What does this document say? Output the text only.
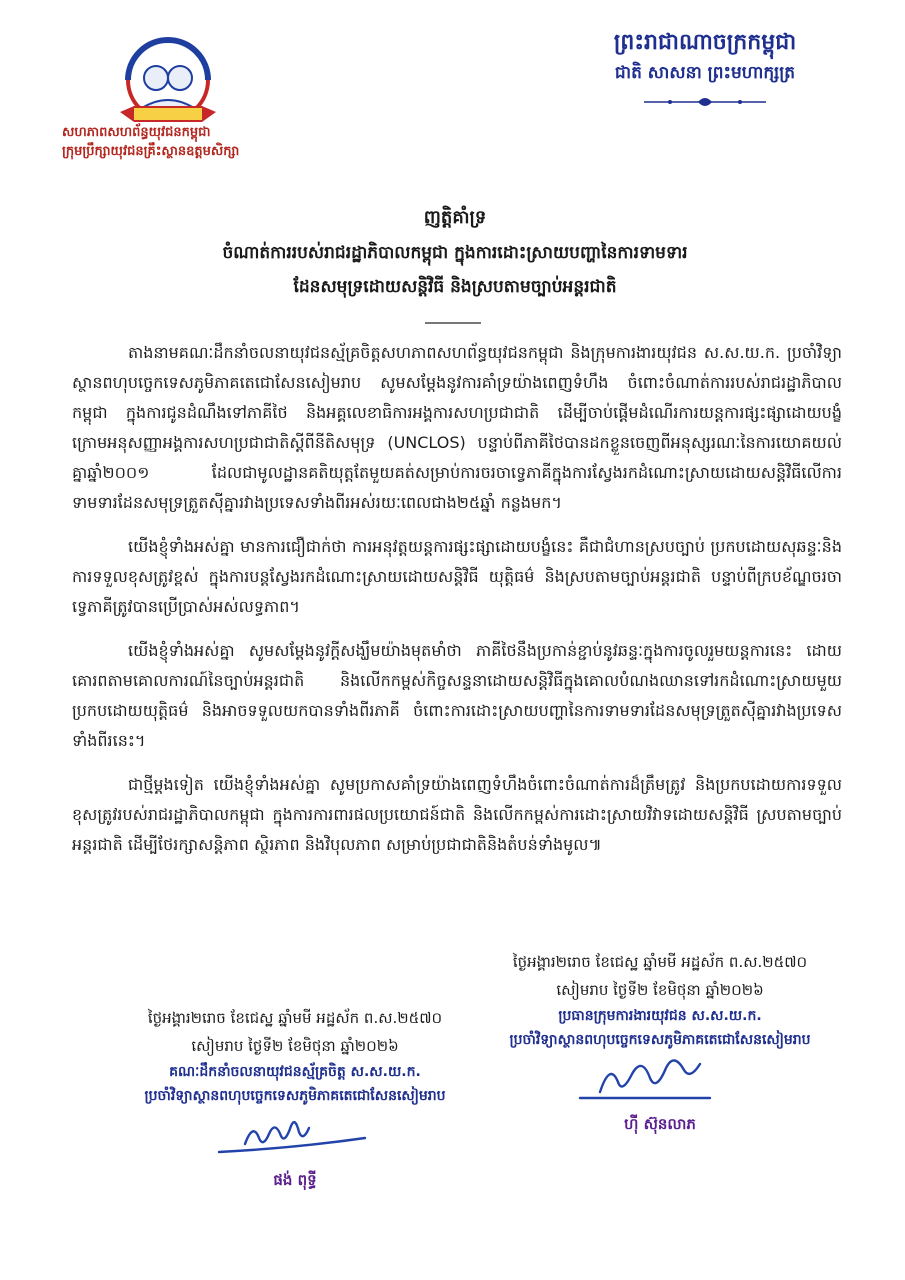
សហភាពសហព័ន្ធយុវជនកម្ពុជា
ក្រុមប្រឹក្សាយុវជនគ្រឹះស្ថានឧត្តមសិក្សា
ព្រះរាជាណាចក្រកម្ពុជា
ជាតិ សាសនា ព្រះមហាក្សត្រ
ញត្តិគាំទ្រ
ចំណាត់ការរបស់រាជរដ្ឋាភិបាលកម្ពុជា ក្នុងការដោះស្រាយបញ្ហានៃការទាមទារ
ដែនសមុទ្រដោយសន្តិវិធី និងស្របតាមច្បាប់អន្តរជាតិ

តាងនាមគណៈដឹកនាំចលនាយុវជនស្ម័គ្រចិត្តសហភាពសហព័ន្ធយុវជនកម្ពុជា និងក្រុមការងារយុវជន ស.ស.យ.ក. ប្រចាំវិទ្យាស្ថានពហុបច្ចេកទេសភូមិភាគតេជោសែនសៀមរាប សូមសម្តែងនូវការគាំទ្រយ៉ាងពេញទំហឹង ចំពោះចំណាត់ការរបស់រាជរដ្ឋាភិបាលកម្ពុជា ក្នុងការជូនដំណឹងទៅភាគីថៃ និងអគ្គលេខាធិការអង្គការសហប្រជាជាតិ ដើម្បីចាប់ផ្តើមដំណើរការយន្តការផ្សះផ្សាដោយបង្ខំ ក្រោមអនុសញ្ញាអង្គការសហប្រជាជាតិស្តីពីនីតិសមុទ្រ (UNCLOS) បន្ទាប់ពីភាគីថៃបានដកខ្លួនចេញពីអនុស្សរណៈនៃការយោគយល់គ្នាឆ្នាំ២០០១ ដែលជាមូលដ្ឋានគតិយុត្តតែមួយគត់សម្រាប់ការចរចាទ្វេភាគីក្នុងការស្វែងរកដំណោះស្រាយដោយសន្តិវិធីលើការទាមទារដែនសមុទ្រត្រួតស៊ីគ្នារវាងប្រទេសទាំងពីរអស់រយៈពេលជាង២៥ឆ្នាំ កន្លងមក។

យើងខ្ញុំទាំងអស់គ្នា មានការជឿជាក់ថា ការអនុវត្តយន្តការផ្សះផ្សាដោយបង្ខំនេះ គឺជាជំហានស្របច្បាប់ ប្រកបដោយសុឆន្ទៈនិងការទទួលខុសត្រូវខ្ពស់ ក្នុងការបន្តស្វែងរកដំណោះស្រាយដោយសន្តិវិធី យុត្តិធម៌ និងស្របតាមច្បាប់អន្តរជាតិ បន្ទាប់ពីក្របខ័ណ្ឌចរចាទ្វេភាគីត្រូវបានប្រើប្រាស់អស់លទ្ធភាព។

យើងខ្ញុំទាំងអស់គ្នា សូមសម្តែងនូវក្តីសង្ឃឹមយ៉ាងមុតមាំថា ភាគីថៃនឹងប្រកាន់ខ្ជាប់នូវឆន្ទៈក្នុងការចូលរួមយន្តការនេះ ដោយគោរពតាមគោលការណ៍នៃច្បាប់អន្តរជាតិ និងលើកកម្ពស់កិច្ចសន្ទនាដោយសន្តិវិធីក្នុងគោលបំណងឈានទៅរកដំណោះស្រាយមួយប្រកបដោយយុត្តិធម៌ និងអាចទទួលយកបានទាំងពីរភាគី ចំពោះការដោះស្រាយបញ្ហានៃការទាមទារដែនសមុទ្រត្រួតស៊ីគ្នារវាងប្រទេសទាំងពីរនេះ។

ជាថ្មីម្តងទៀត យើងខ្ញុំទាំងអស់គ្នា សូមប្រកាសគាំទ្រយ៉ាងពេញទំហឹងចំពោះចំណាត់ការដ៏ត្រឹមត្រូវ និងប្រកបដោយការទទួលខុសត្រូវរបស់រាជរដ្ឋាភិបាលកម្ពុជា ក្នុងការការពារផលប្រយោជន៍ជាតិ និងលើកកម្ពស់ការដោះស្រាយវិវាទដោយសន្តិវិធី ស្របតាមច្បាប់អន្តរជាតិ ដើម្បីថែរក្សាសន្តិភាព ស្ថិរភាព និងវិបុលភាព សម្រាប់ប្រជាជាតិនិងតំបន់ទាំងមូល៕

ថ្ងៃអង្គារ២រោច ខែជេស្ឋ ឆ្នាំមមី អដ្ឋស័ក ព.ស.២៥៧០
សៀមរាប ថ្ងៃទី២ ខែមិថុនា ឆ្នាំ២០២៦
ប្រធានក្រុមការងារយុវជន ស.ស.យ.ក.
ប្រចាំវិទ្យាស្ថានពហុបច្ចេកទេសភូមិភាគតេជោសែនសៀមរាប
ហ៊ី ស៊ុនលាភ
ថ្ងៃអង្គារ២រោច ខែជេស្ឋ ឆ្នាំមមី អដ្ឋស័ក ព.ស.២៥៧០
សៀមរាប ថ្ងៃទី២ ខែមិថុនា ឆ្នាំ២០២៦
គណៈដឹកនាំចលនាយុវជនស្ម័គ្រចិត្ត ស.ស.យ.ក.
ប្រចាំវិទ្យាស្ថានពហុបច្ចេកទេសភូមិភាគតេជោសែនសៀមរាប
ផង់ ពុទ្ធី
